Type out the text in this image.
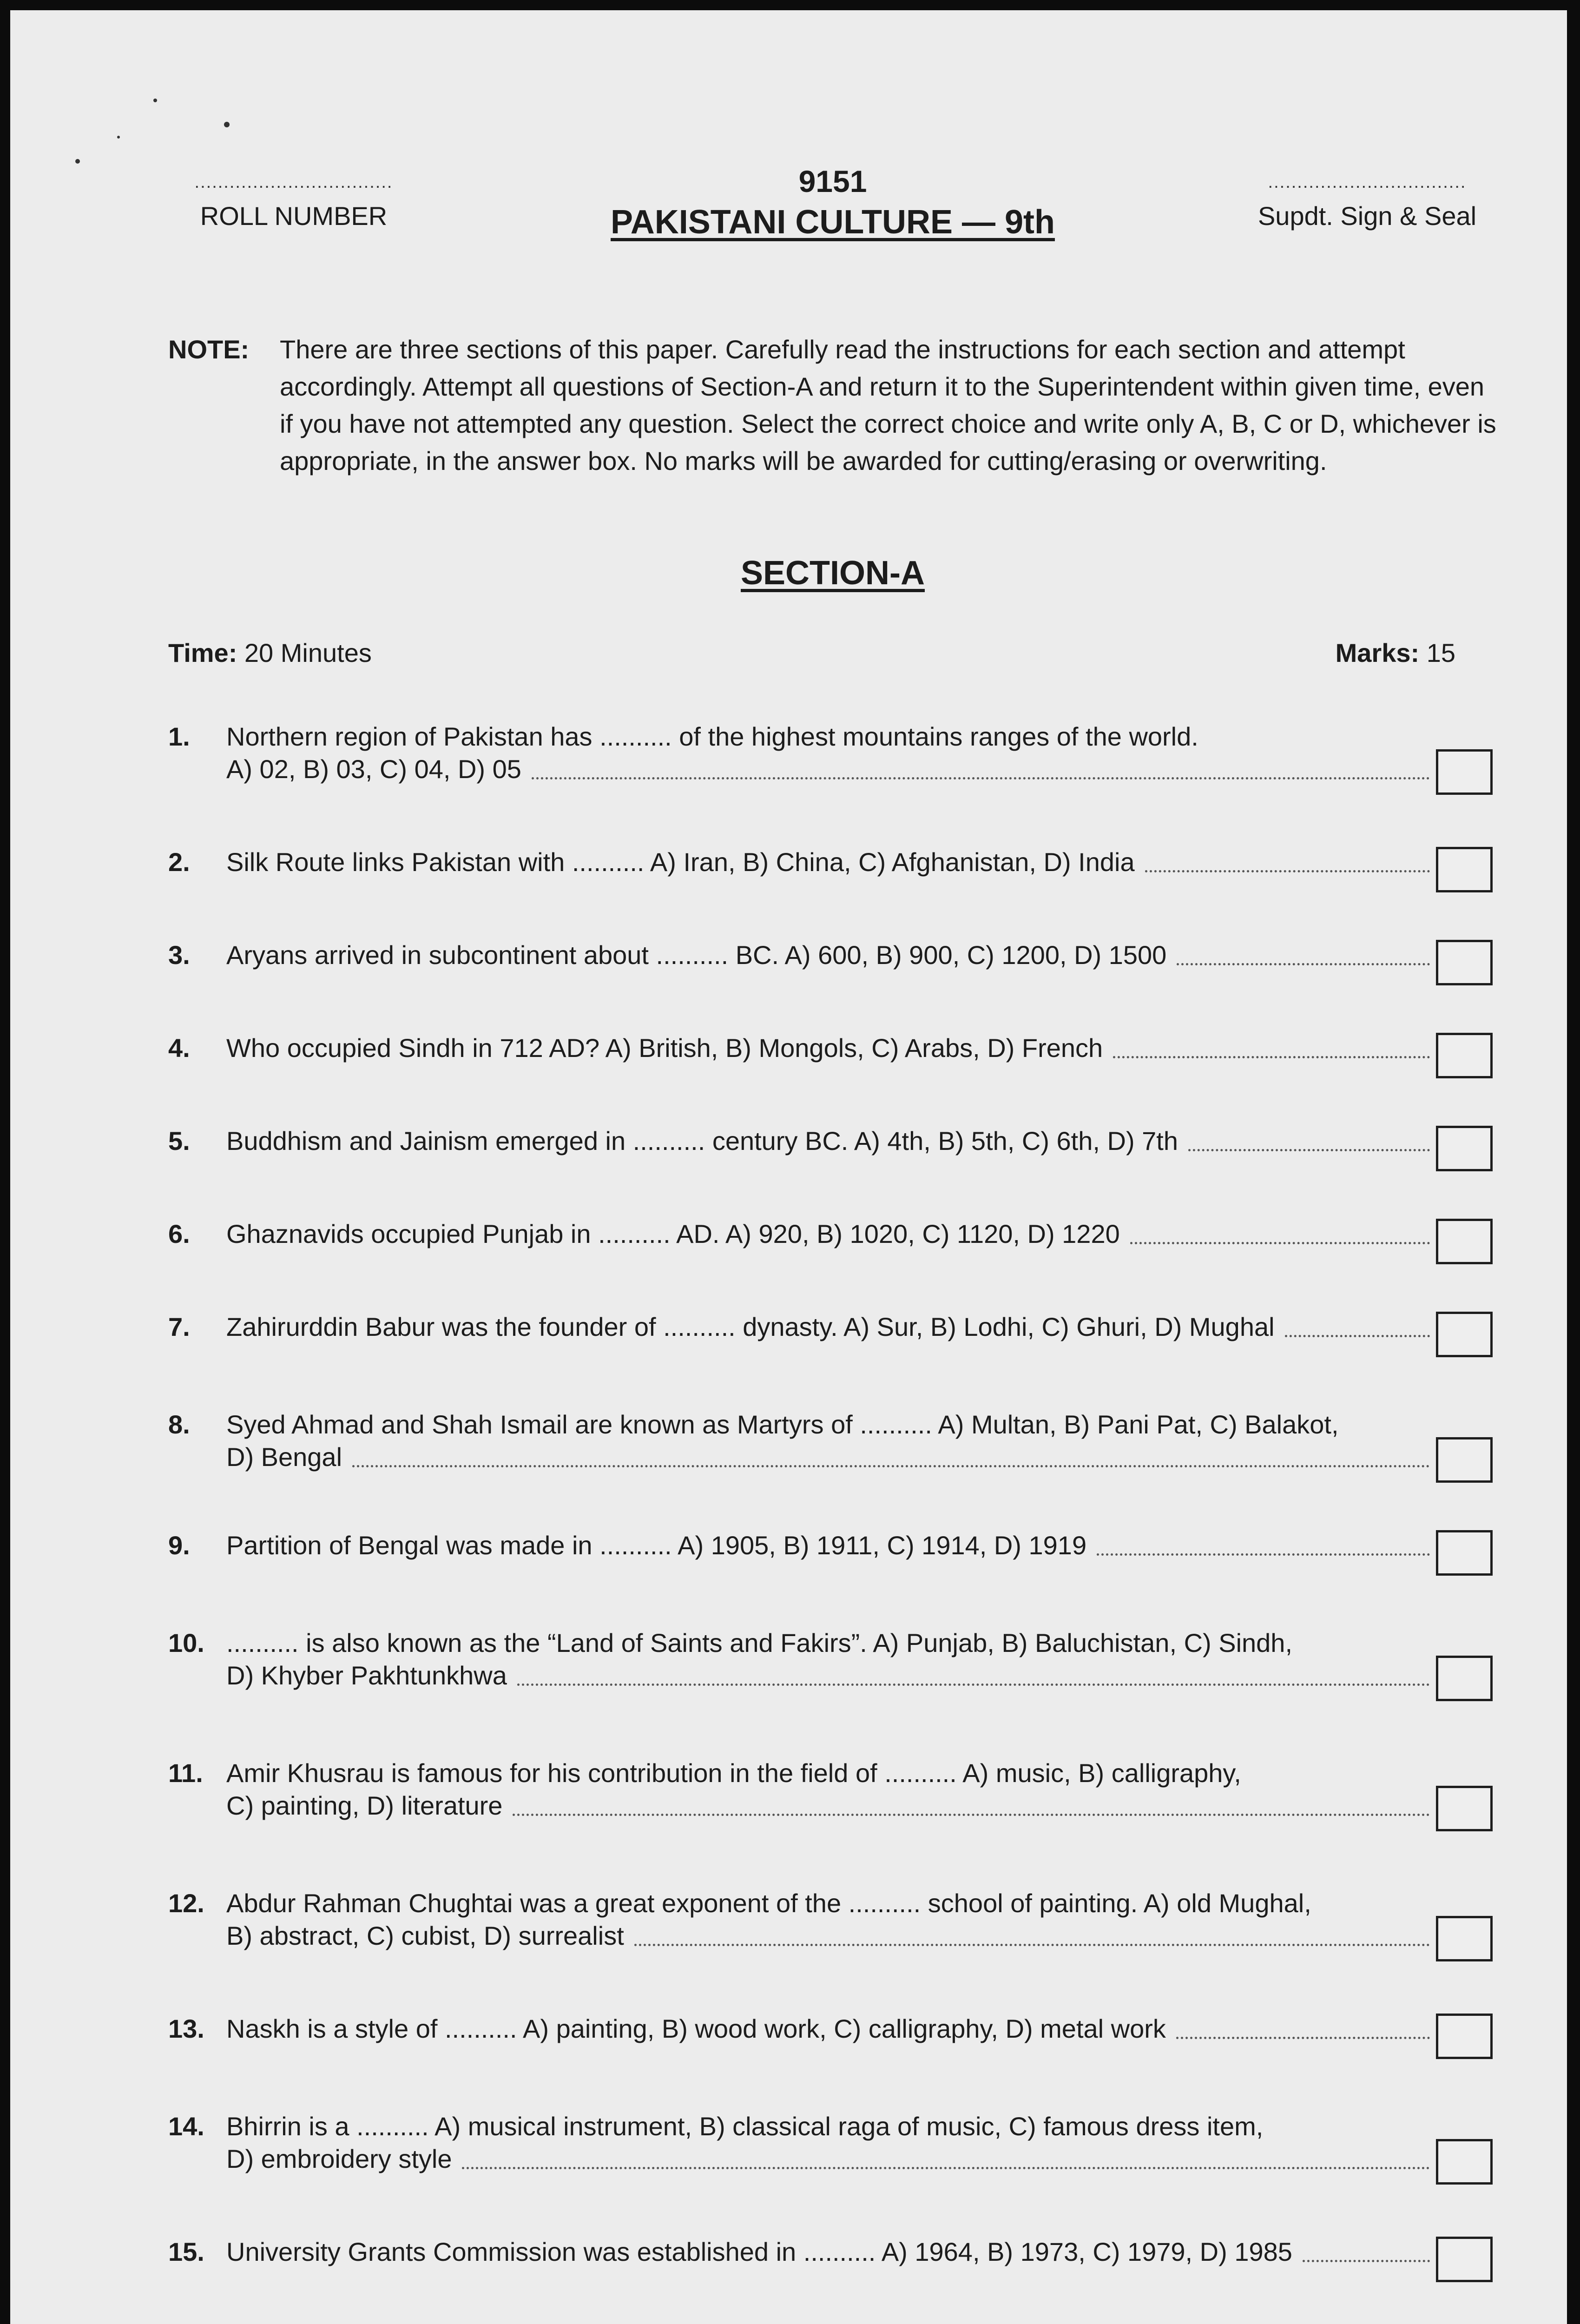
..................................
ROLL NUMBER
9151
PAKISTANI CULTURE — 9th
..................................
Supdt. Sign & Seal
NOTE: There are three sections of this paper. Carefully read the instructions for each section and attempt accordingly. Attempt all questions of Section-A and return it to the Superintendent within given time, even if you have not attempted any question. Select the correct choice and write only A, B, C or D, whichever is appropriate, in the answer box. No marks will be awarded for cutting/erasing or overwriting.
SECTION-A
Time: 20 Minutes	Marks: 15
1. Northern region of Pakistan has .......... of the highest mountains ranges of the world.
A) 02, B) 03, C) 04, D) 05
2. Silk Route links Pakistan with .......... A) Iran, B) China, C) Afghanistan, D) India
3. Aryans arrived in subcontinent about .......... BC. A) 600, B) 900, C) 1200, D) 1500
4. Who occupied Sindh in 712 AD? A) British, B) Mongols, C) Arabs, D) French
5. Buddhism and Jainism emerged in .......... century BC. A) 4th, B) 5th, C) 6th, D) 7th
6. Ghaznavids occupied Punjab in .......... AD. A) 920, B) 1020, C) 1120, D) 1220
7. Zahirurddin Babur was the founder of .......... dynasty. A) Sur, B) Lodhi, C) Ghuri, D) Mughal
8. Syed Ahmad and Shah Ismail are known as Martyrs of .......... A) Multan, B) Pani Pat, C) Balakot,
D) Bengal
9. Partition of Bengal was made in .......... A) 1905, B) 1911, C) 1914, D) 1919
10. .......... is also known as the “Land of Saints and Fakirs”. A) Punjab, B) Baluchistan, C) Sindh,
D) Khyber Pakhtunkhwa
11. Amir Khusrau is famous for his contribution in the field of .......... A) music, B) calligraphy,
C) painting, D) literature
12. Abdur Rahman Chughtai was a great exponent of the .......... school of painting. A) old Mughal,
B) abstract, C) cubist, D) surrealist
13. Naskh is a style of .......... A) painting, B) wood work, C) calligraphy, D) metal work
14. Bhirrin is a .......... A) musical instrument, B) classical raga of music, C) famous dress item,
D) embroidery style
15. University Grants Commission was established in .......... A) 1964, B) 1973, C) 1979, D) 1985
